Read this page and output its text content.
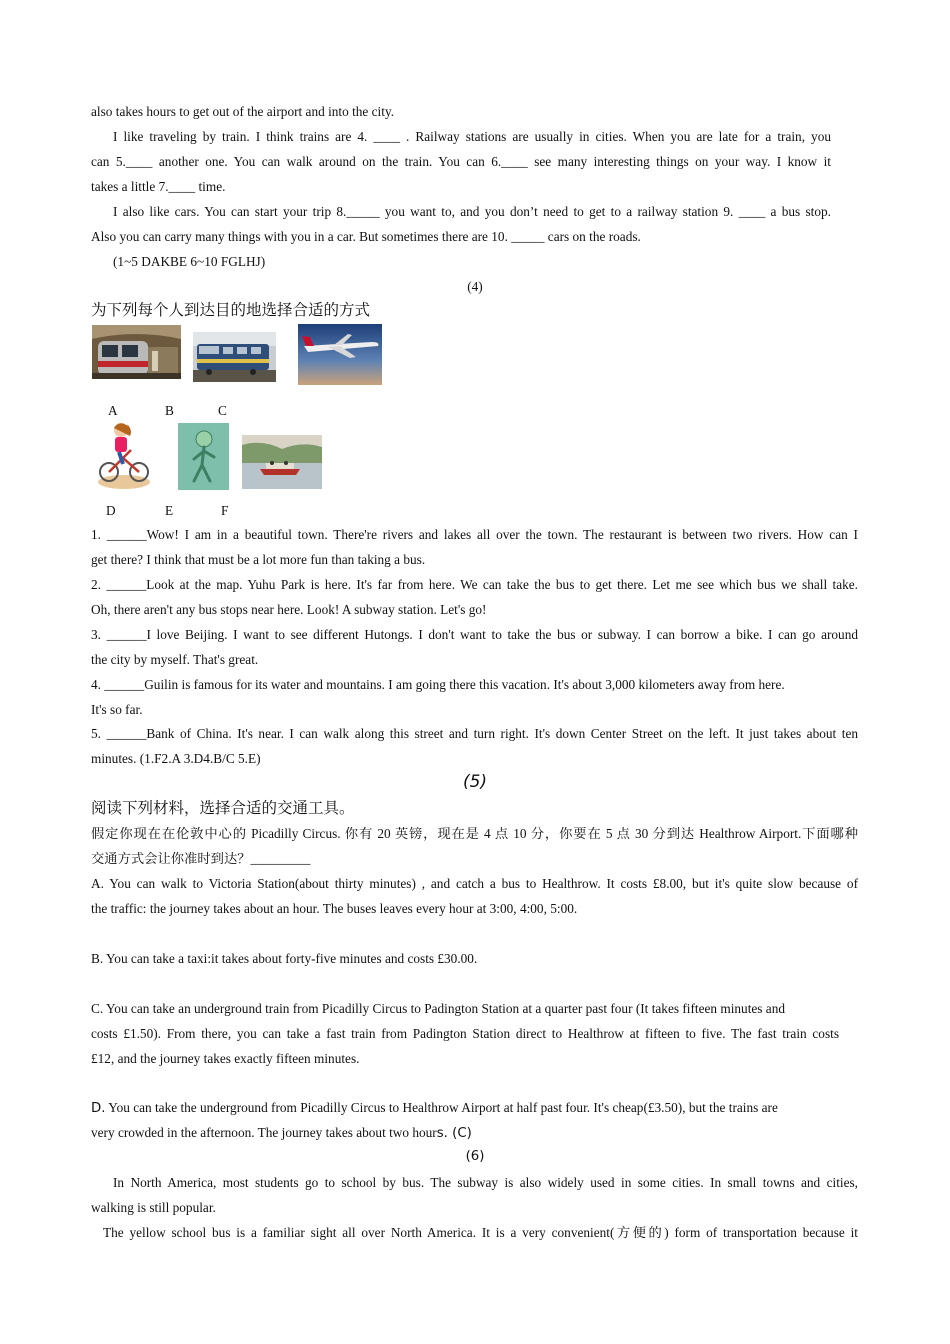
also takes hours to get out of the airport and into the city.
I like traveling by train. I think trains are 4. ____ . Railway stations are usually in cities. When you are late for a train, you
can 5.____ another one. You can walk around on the train. You can 6.____ see many interesting things on your way. I know it
takes a little 7.____ time.
I also like cars. You can start your trip 8._____ you want to, and you don’t need to get to a railway station 9. ____ a bus stop.
Also you can carry many things with you in a car. But sometimes there are 10. _____ cars on the roads.
(1~5 DAKBE 6~10 FGLHJ)
(4)
为下列每个人到达目的地选择合适的方式
A	B	C
D	E	F
1. ______Wow! I am in a beautiful town. There're rivers and lakes all over the town. The restaurant is between two rivers. How can I
get there? I think that must be a lot more fun than taking a bus.
2. ______Look at the map. Yuhu Park is here. It's far from here. We can take the bus to get there. Let me see which bus we shall take.
Oh, there aren't any bus stops near here. Look! A subway station. Let's go!
3. ______I love Beijing. I want to see different Hutongs. I don't want to take the bus or subway. I can borrow a bike. I can go around
the city by myself. That's great.
4. ______Guilin is famous for its water and mountains. I am going there this vacation. It's about 3,000 kilometers away from here.
It's so far.
5. ______Bank of China. It's near. I can walk along this street and turn right. It's down Center Street on the left. It just takes about ten
minutes. (1.F2.A 3.D4.B/C 5.E)
(5)
阅读下列材料，选择合适的交通工具。
假定你现在在伦敦中心的 Picadilly Circus. 你有 20 英镑，现在是 4 点 10 分，你要在 5 点 30 分到达 Healthrow Airport.下面哪种
交通方式会让你准时到达？_________
A. You can walk to Victoria Station(about thirty minutes) , and catch a bus to Healthrow. It costs £8.00, but it's quite slow because of
the traffic: the journey takes about an hour. The buses leaves every hour at 3:00, 4:00, 5:00.
B. You can take a taxi:it takes about forty-five minutes and costs £30.00.
C. You can take an underground train from Picadilly Circus to Padington Station at a quarter past four (It takes fifteen minutes and
costs £1.50). From there, you can take a fast train from Padington Station direct to Healthrow at fifteen to five. The fast train costs
£12, and the journey takes exactly fifteen minutes.
D. You can take the underground from Picadilly Circus to Healthrow Airport at half past four. It's cheap(£3.50), but the trains are
very crowded in the afternoon. The journey takes about two hours. (C)
(6)
In North America, most students go to school by bus. The subway is also widely used in some cities. In small towns and cities,
walking is still popular.
The yellow school bus is a familiar sight all over North America. It is a very convenient(方便的) form of transportation because it
